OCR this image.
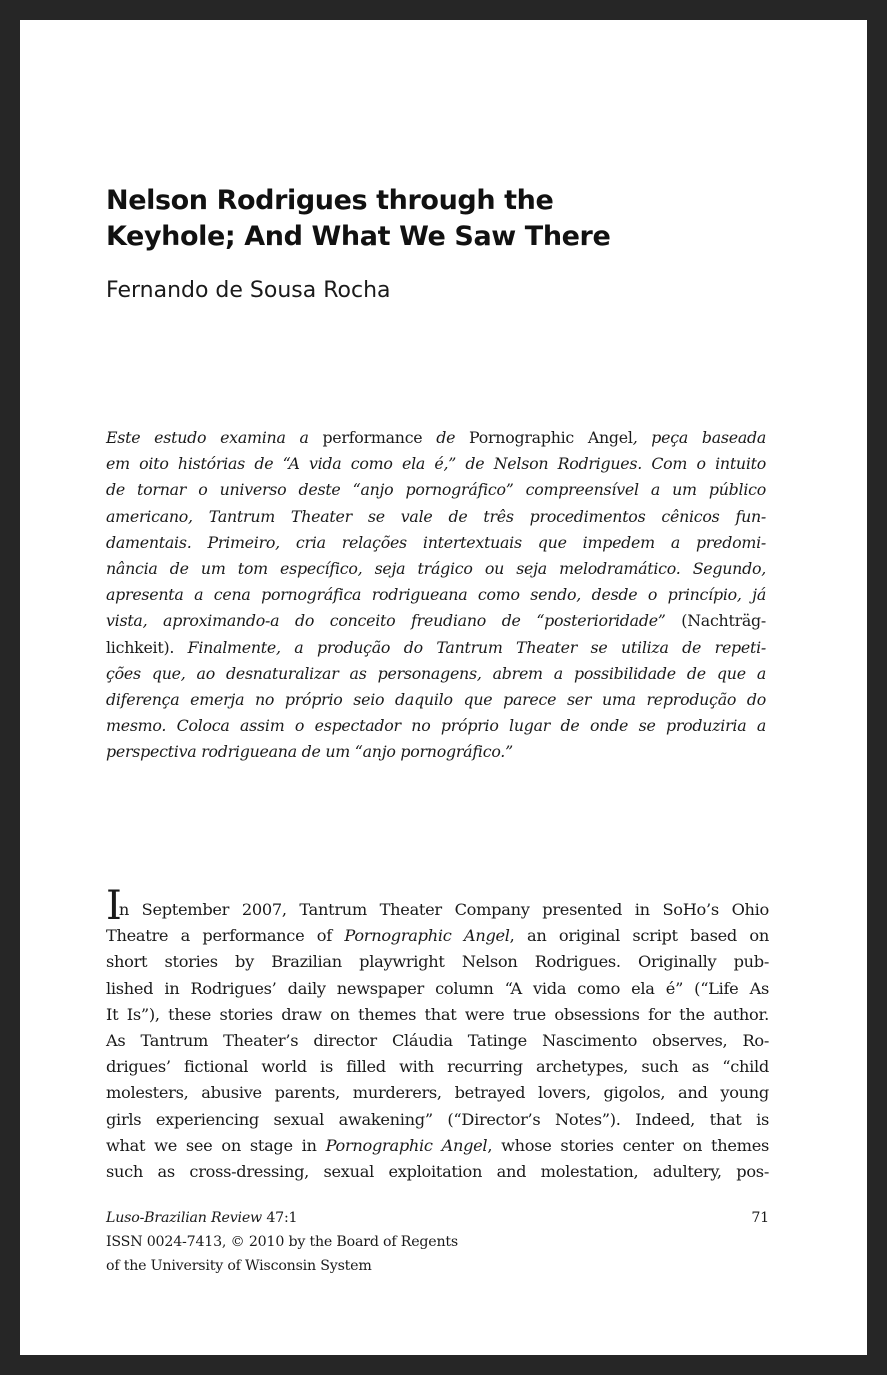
Nelson Rodrigues through the
Keyhole; And What We Saw There

Fernando de Sousa Rocha

Este estudo examina a performance de Pornographic Angel, peça baseada
em oito histórias de “A vida como ela é,” de Nelson Rodrigues. Com o intuito
de tornar o universo deste “anjo pornográfico” compreensível a um público
americano, Tantrum Theater se vale de três procedimentos cênicos fun-
damentais. Primeiro, cria relações intertextuais que impedem a predomi-
nância de um tom específico, seja trágico ou seja melodramático. Segundo,
apresenta a cena pornográfica rodrigueana como sendo, desde o princípio, já
vista, aproximando-a do conceito freudiano de “posterioridade” (Nachträg-
lichkeit). Finalmente, a produção do Tantrum Theater se utiliza de repeti-
ções que, ao desnaturalizar as personagens, abrem a possibilidade de que a
diferença emerja no próprio seio daquilo que parece ser uma reprodução do
mesmo. Coloca assim o espectador no próprio lugar de onde se produziria a
perspectiva rodrigueana de um “anjo pornográfico.”

In September 2007, Tantrum Theater Company presented in SoHo’s Ohio
Theatre a performance of Pornographic Angel, an original script based on
short stories by Brazilian playwright Nelson Rodrigues. Originally pub-
lished in Rodrigues’ daily newspaper column “A vida como ela é” (“Life As
It Is”), these stories draw on themes that were true obsessions for the author.
As Tantrum Theater’s director Cláudia Tatinge Nascimento observes, Ro-
drigues’ fictional world is filled with recurring archetypes, such as “child
molesters, abusive parents, murderers, betrayed lovers, gigolos, and young
girls experiencing sexual awakening” (“Director’s Notes”). Indeed, that is
what we see on stage in Pornographic Angel, whose stories center on themes
such as cross-dressing, sexual exploitation and molestation, adultery, pos-

Luso-Brazilian Review 47:1
ISSN 0024-7413, © 2010 by the Board of Regents
of the University of Wisconsin System
71
